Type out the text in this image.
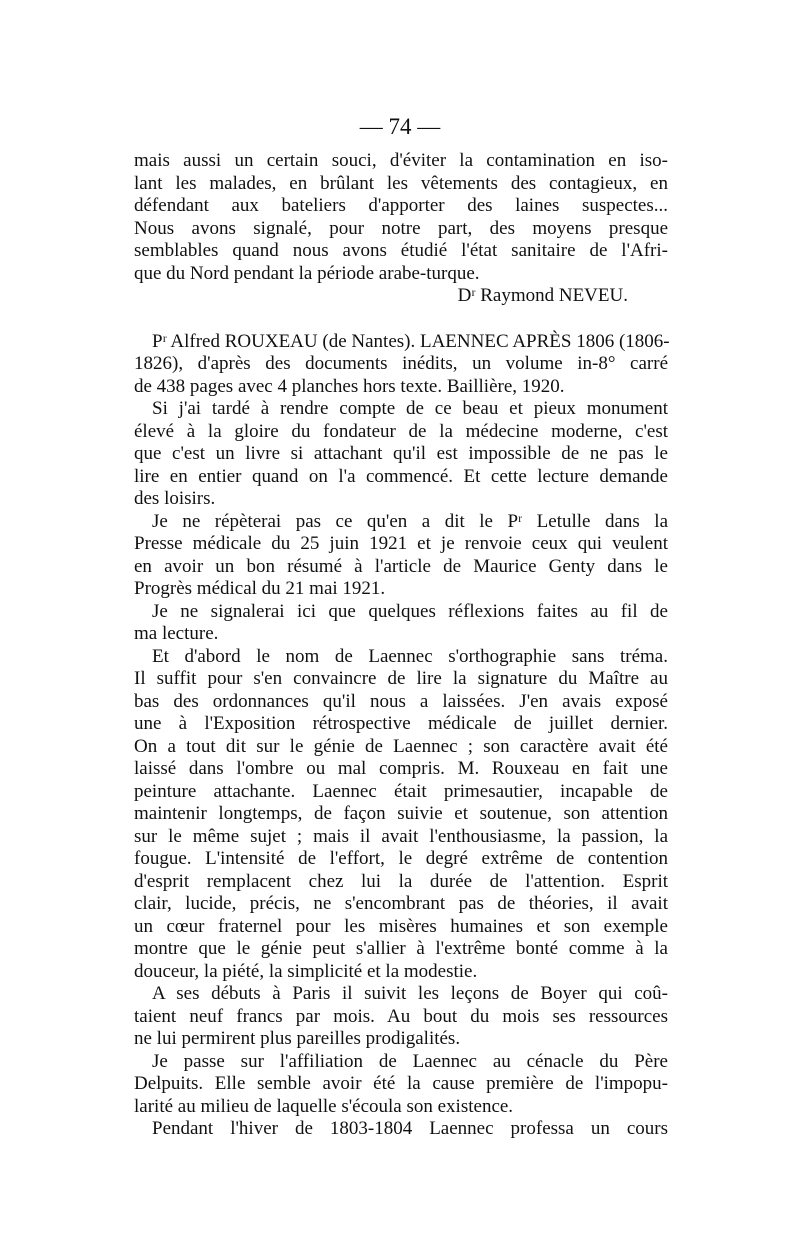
— 74 —
mais aussi un certain souci, d'éviter la contamination en iso-
lant les malades, en brûlant les vêtements des contagieux, en
défendant aux bateliers d'apporter des laines suspectes...
Nous avons signalé, pour notre part, des moyens presque
semblables quand nous avons étudié l'état sanitaire de l'Afri-
que du Nord pendant la période arabe-turque.
Dʳ Raymond NEVEU.
Pʳ Alfred ROUXEAU (de Nantes). LAENNEC APRÈS 1806 (1806-
1826), d'après des documents inédits, un volume in-8° carré
de 438 pages avec 4 planches hors texte. Baillière, 1920.
Si j'ai tardé à rendre compte de ce beau et pieux monument
élevé à la gloire du fondateur de la médecine moderne, c'est
que c'est un livre si attachant qu'il est impossible de ne pas le
lire en entier quand on l'a commencé. Et cette lecture demande
des loisirs.
Je ne répèterai pas ce qu'en a dit le Pʳ Letulle dans la
Presse médicale du 25 juin 1921 et je renvoie ceux qui veulent
en avoir un bon résumé à l'article de Maurice Genty dans le
Progrès médical du 21 mai 1921.
Je ne signalerai ici que quelques réflexions faites au fil de
ma lecture.
Et d'abord le nom de Laennec s'orthographie sans tréma.
Il suffit pour s'en convaincre de lire la signature du Maître au
bas des ordonnances qu'il nous a laissées. J'en avais exposé
une à l'Exposition rétrospective médicale de juillet dernier.
On a tout dit sur le génie de Laennec ; son caractère avait été
laissé dans l'ombre ou mal compris. M. Rouxeau en fait une
peinture attachante. Laennec était primesautier, incapable de
maintenir longtemps, de façon suivie et soutenue, son attention
sur le même sujet ; mais il avait l'enthousiasme, la passion, la
fougue. L'intensité de l'effort, le degré extrême de contention
d'esprit remplacent chez lui la durée de l'attention. Esprit
clair, lucide, précis, ne s'encombrant pas de théories, il avait
un cœur fraternel pour les misères humaines et son exemple
montre que le génie peut s'allier à l'extrême bonté comme à la
douceur, la piété, la simplicité et la modestie.
A ses débuts à Paris il suivit les leçons de Boyer qui coû-
taient neuf francs par mois. Au bout du mois ses ressources
ne lui permirent plus pareilles prodigalités.
Je passe sur l'affiliation de Laennec au cénacle du Père
Delpuits. Elle semble avoir été la cause première de l'impopu-
larité au milieu de laquelle s'écoula son existence.
Pendant l'hiver de 1803-1804 Laennec professa un cours
